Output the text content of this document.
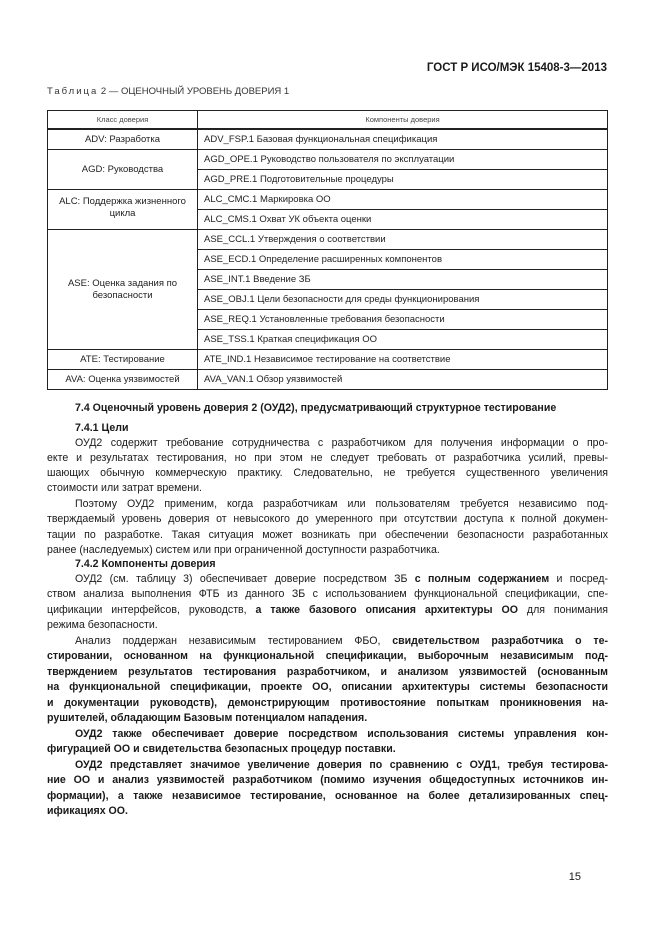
ГОСТ Р ИСО/МЭК 15408-3—2013
Таблица 2 — ОЦЕНОЧНЫЙ УРОВЕНЬ ДОВЕРИЯ 1
Класс доверия	Компоненты доверия
ADV: Разработка	ADV_FSP.1 Базовая функциональная спецификация
AGD: Руководства	AGD_OPE.1 Руководство пользователя по эксплуатации
	AGD_PRE.1 Подготовительные процедуры
ALC: Поддержка жизненного цикла	ALC_CMC.1 Маркировка ОО
	ALC_CMS.1 Охват УК объекта оценки
ASE: Оценка задания по безопасности	ASE_CCL.1 Утверждения о соответствии
	ASE_ECD.1 Определение расширенных компонентов
	ASE_INT.1 Введение ЗБ
	ASE_OBJ.1 Цели безопасности для среды функционирования
	ASE_REQ.1 Установленные требования безопасности
	ASE_TSS.1 Краткая спецификация ОО
ATE: Тестирование	ATE_IND.1 Независимое тестирование на соответствие
AVA: Оценка уязвимостей	AVA_VAN.1 Обзор уязвимостей
7.4 Оценочный уровень доверия 2 (ОУД2), предусматривающий структурное тестирование
7.4.1 Цели
ОУД2 содержит требование сотрудничества с разработчиком для получения информации о про-
екте и результатах тестирования, но при этом не следует требовать от разработчика усилий, превы-
шающих обычную коммерческую практику. Следовательно, не требуется существенного увеличения
стоимости или затрат времени.
Поэтому ОУД2 применим, когда разработчикам или пользователям требуется независимо под-
тверждаемый уровень доверия от невысокого до умеренного при отсутствии доступа к полной докумен-
тации по разработке. Такая ситуация может возникать при обеспечении безопасности разработанных
ранее (наследуемых) систем или при ограниченной доступности разработчика.
7.4.2 Компоненты доверия
ОУД2 (см. таблицу 3) обеспечивает доверие посредством ЗБ с полным содержанием и посред-
ством анализа выполнения ФТБ из данного ЗБ с использованием функциональной спецификации, спе-
цификации интерфейсов, руководств, а также базового описания архитектуры ОО для понимания
режима безопасности.
Анализ поддержан независимым тестированием ФБО, свидетельством разработчика о те-
стировании, основанном на функциональной спецификации, выборочным независимым под-
тверждением результатов тестирования разработчиком, и анализом уязвимостей (основанным
на функциональной спецификации, проекте ОО, описании архитектуры системы безопасности
и документации руководств), демонстрирующим противостояние попыткам проникновения на-
рушителей, обладающим Базовым потенциалом нападения.
ОУД2 также обеспечивает доверие посредством использования системы управления кон-
фигурацией ОО и свидетельства безопасных процедур поставки.
ОУД2 представляет значимое увеличение доверия по сравнению с ОУД1, требуя тестирова-
ние ОО и анализ уязвимостей разработчиком (помимо изучения общедоступных источников ин-
формации), а также независимое тестирование, основанное на более детализированных спец-
ификациях ОО.
15
